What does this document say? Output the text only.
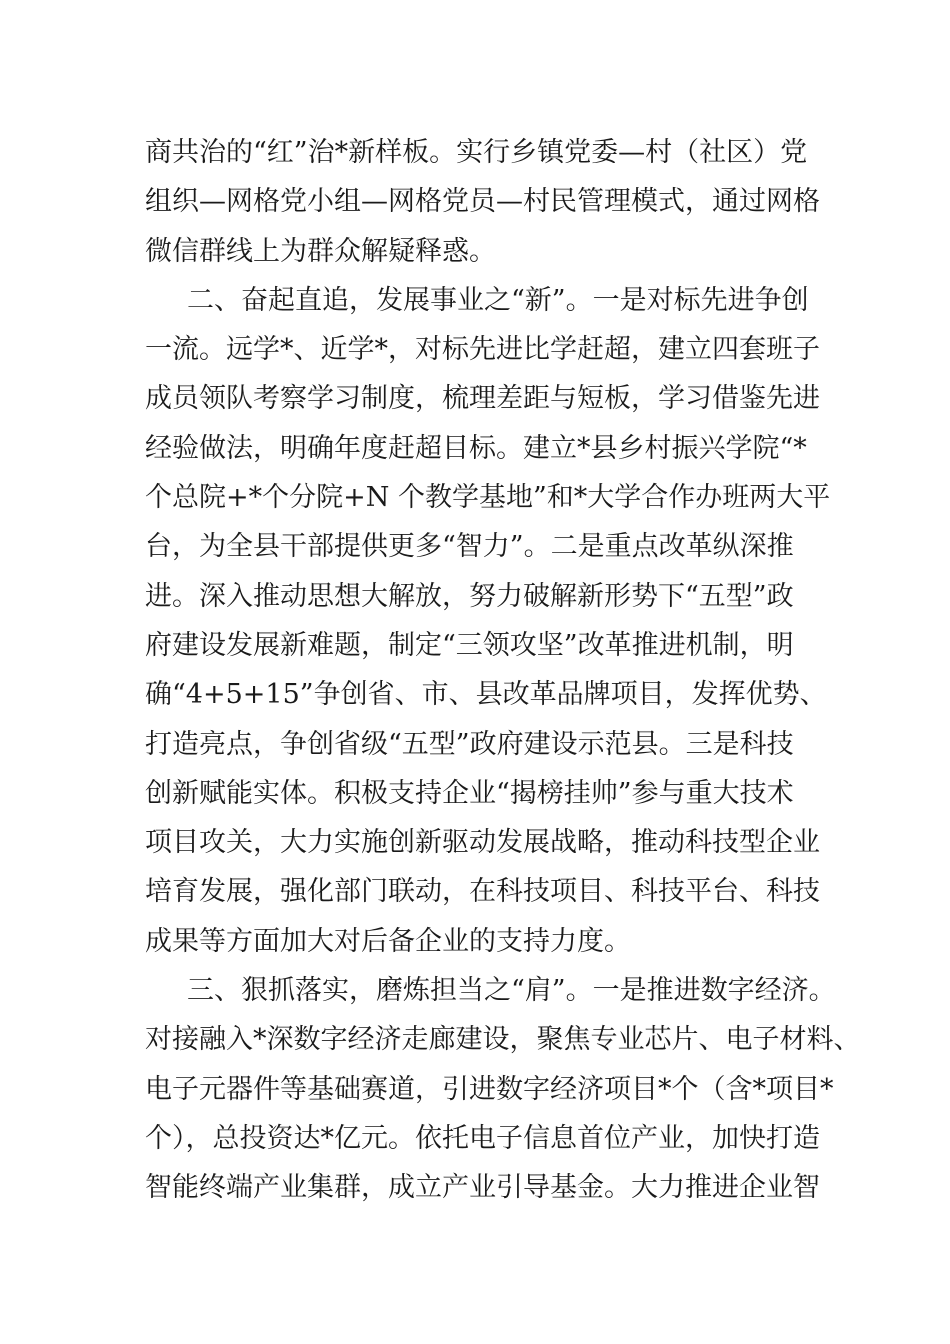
商共治的“红”治*新样板。实行乡镇党委—村（社区）党
组织—网格党小组—网格党员—村民管理模式，通过网格
微信群线上为群众解疑释惑。
二、奋起直追，发展事业之“新”。一是对标先进争创
一流。远学*、近学*，对标先进比学赶超，建立四套班子
成员领队考察学习制度，梳理差距与短板，学习借鉴先进
经验做法，明确年度赶超目标。建立*县乡村振兴学院“*
个总院+*个分院+N 个教学基地”和*大学合作办班两大平
台，为全县干部提供更多“智力”。二是重点改革纵深推
进。深入推动思想大解放，努力破解新形势下“五型”政
府建设发展新难题，制定“三领攻坚”改革推进机制，明
确“4+5+15”争创省、市、县改革品牌项目，发挥优势、
打造亮点，争创省级“五型”政府建设示范县。三是科技
创新赋能实体。积极支持企业“揭榜挂帅”参与重大技术
项目攻关，大力实施创新驱动发展战略，推动科技型企业
培育发展，强化部门联动，在科技项目、科技平台、科技
成果等方面加大对后备企业的支持力度。
三、狠抓落实，磨炼担当之“肩”。一是推进数字经济。
对接融入*深数字经济走廊建设，聚焦专业芯片、电子材料、
电子元器件等基础赛道，引进数字经济项目*个（含*项目*
个），总投资达*亿元。依托电子信息首位产业，加快打造
智能终端产业集群，成立产业引导基金。大力推进企业智
